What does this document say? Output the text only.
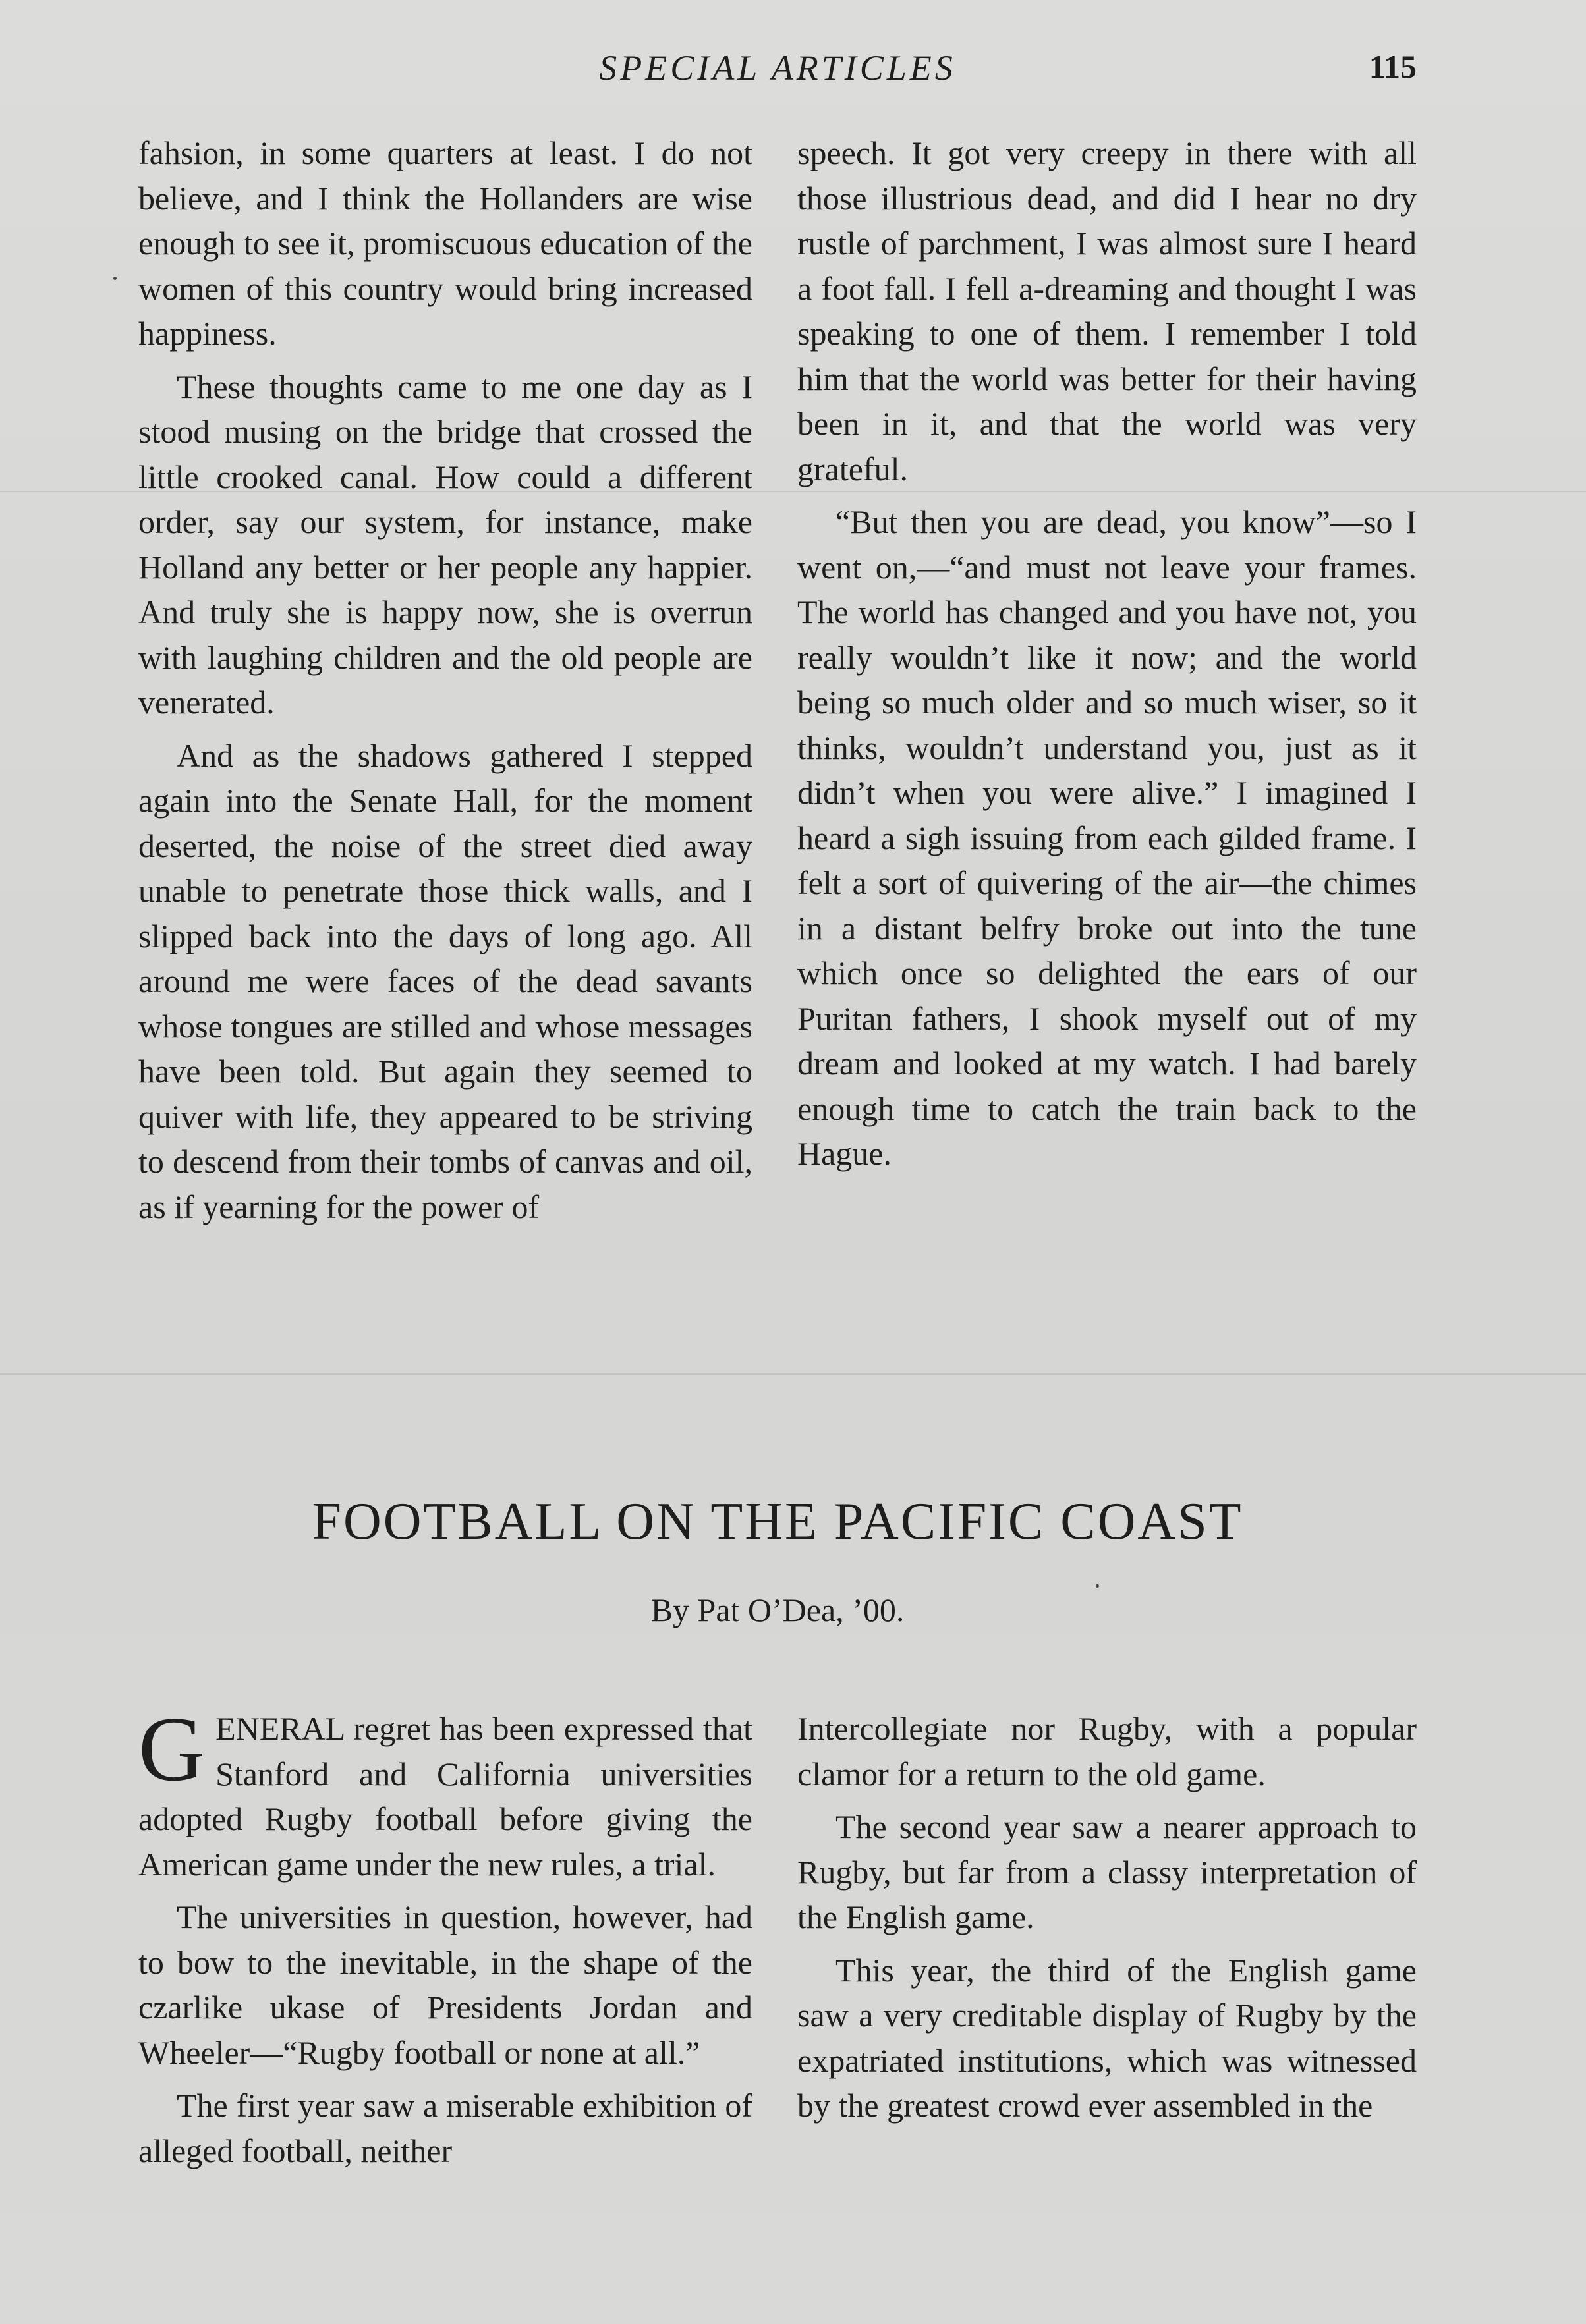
SPECIAL ARTICLES	115

fahsion, in some quarters at least. I do not believe, and I think the Hollanders are wise enough to see it, promiscuous education of the women of this country would bring increased happiness.

These thoughts came to me one day as I stood musing on the bridge that crossed the little crooked canal. How could a different order, say our system, for instance, make Holland any better or her people any happier. And truly she is happy now, she is overrun with laughing children and the old people are venerated.

And as the shadows gathered I stepped again into the Senate Hall, for the moment deserted, the noise of the street died away unable to penetrate those thick walls, and I slipped back into the days of long ago. All around me were faces of the dead savants whose tongues are stilled and whose messages have been told. But again they seemed to quiver with life, they appeared to be striving to descend from their tombs of canvas and oil, as if yearning for the power of

speech. It got very creepy in there with all those illustrious dead, and did I hear no dry rustle of parchment, I was almost sure I heard a foot fall. I fell a-dreaming and thought I was speaking to one of them. I remember I told him that the world was better for their having been in it, and that the world was very grateful.

“But then you are dead, you know”—so I went on,—“and must not leave your frames. The world has changed and you have not, you really wouldn’t like it now; and the world being so much older and so much wiser, so it thinks, wouldn’t understand you, just as it didn’t when you were alive.” I imagined I heard a sigh issuing from each gilded frame. I felt a sort of quivering of the air—the chimes in a distant belfry broke out into the tune which once so delighted the ears of our Puritan fathers, I shook myself out of my dream and looked at my watch. I had barely enough time to catch the train back to the Hague.

FOOTBALL ON THE PACIFIC COAST
By Pat O’Dea, ’00.

GENERAL regret has been expressed that Stanford and California universities adopted Rugby football before giving the American game under the new rules, a trial.

The universities in question, however, had to bow to the inevitable, in the shape of the czarlike ukase of Presidents Jordan and Wheeler—“Rugby football or none at all.”

The first year saw a miserable exhibition of alleged football, neither

Intercollegiate nor Rugby, with a popular clamor for a return to the old game.

The second year saw a nearer approach to Rugby, but far from a classy interpretation of the English game.

This year, the third of the English game saw a very creditable display of Rugby by the expatriated institutions, which was witnessed by the greatest crowd ever assembled in the
